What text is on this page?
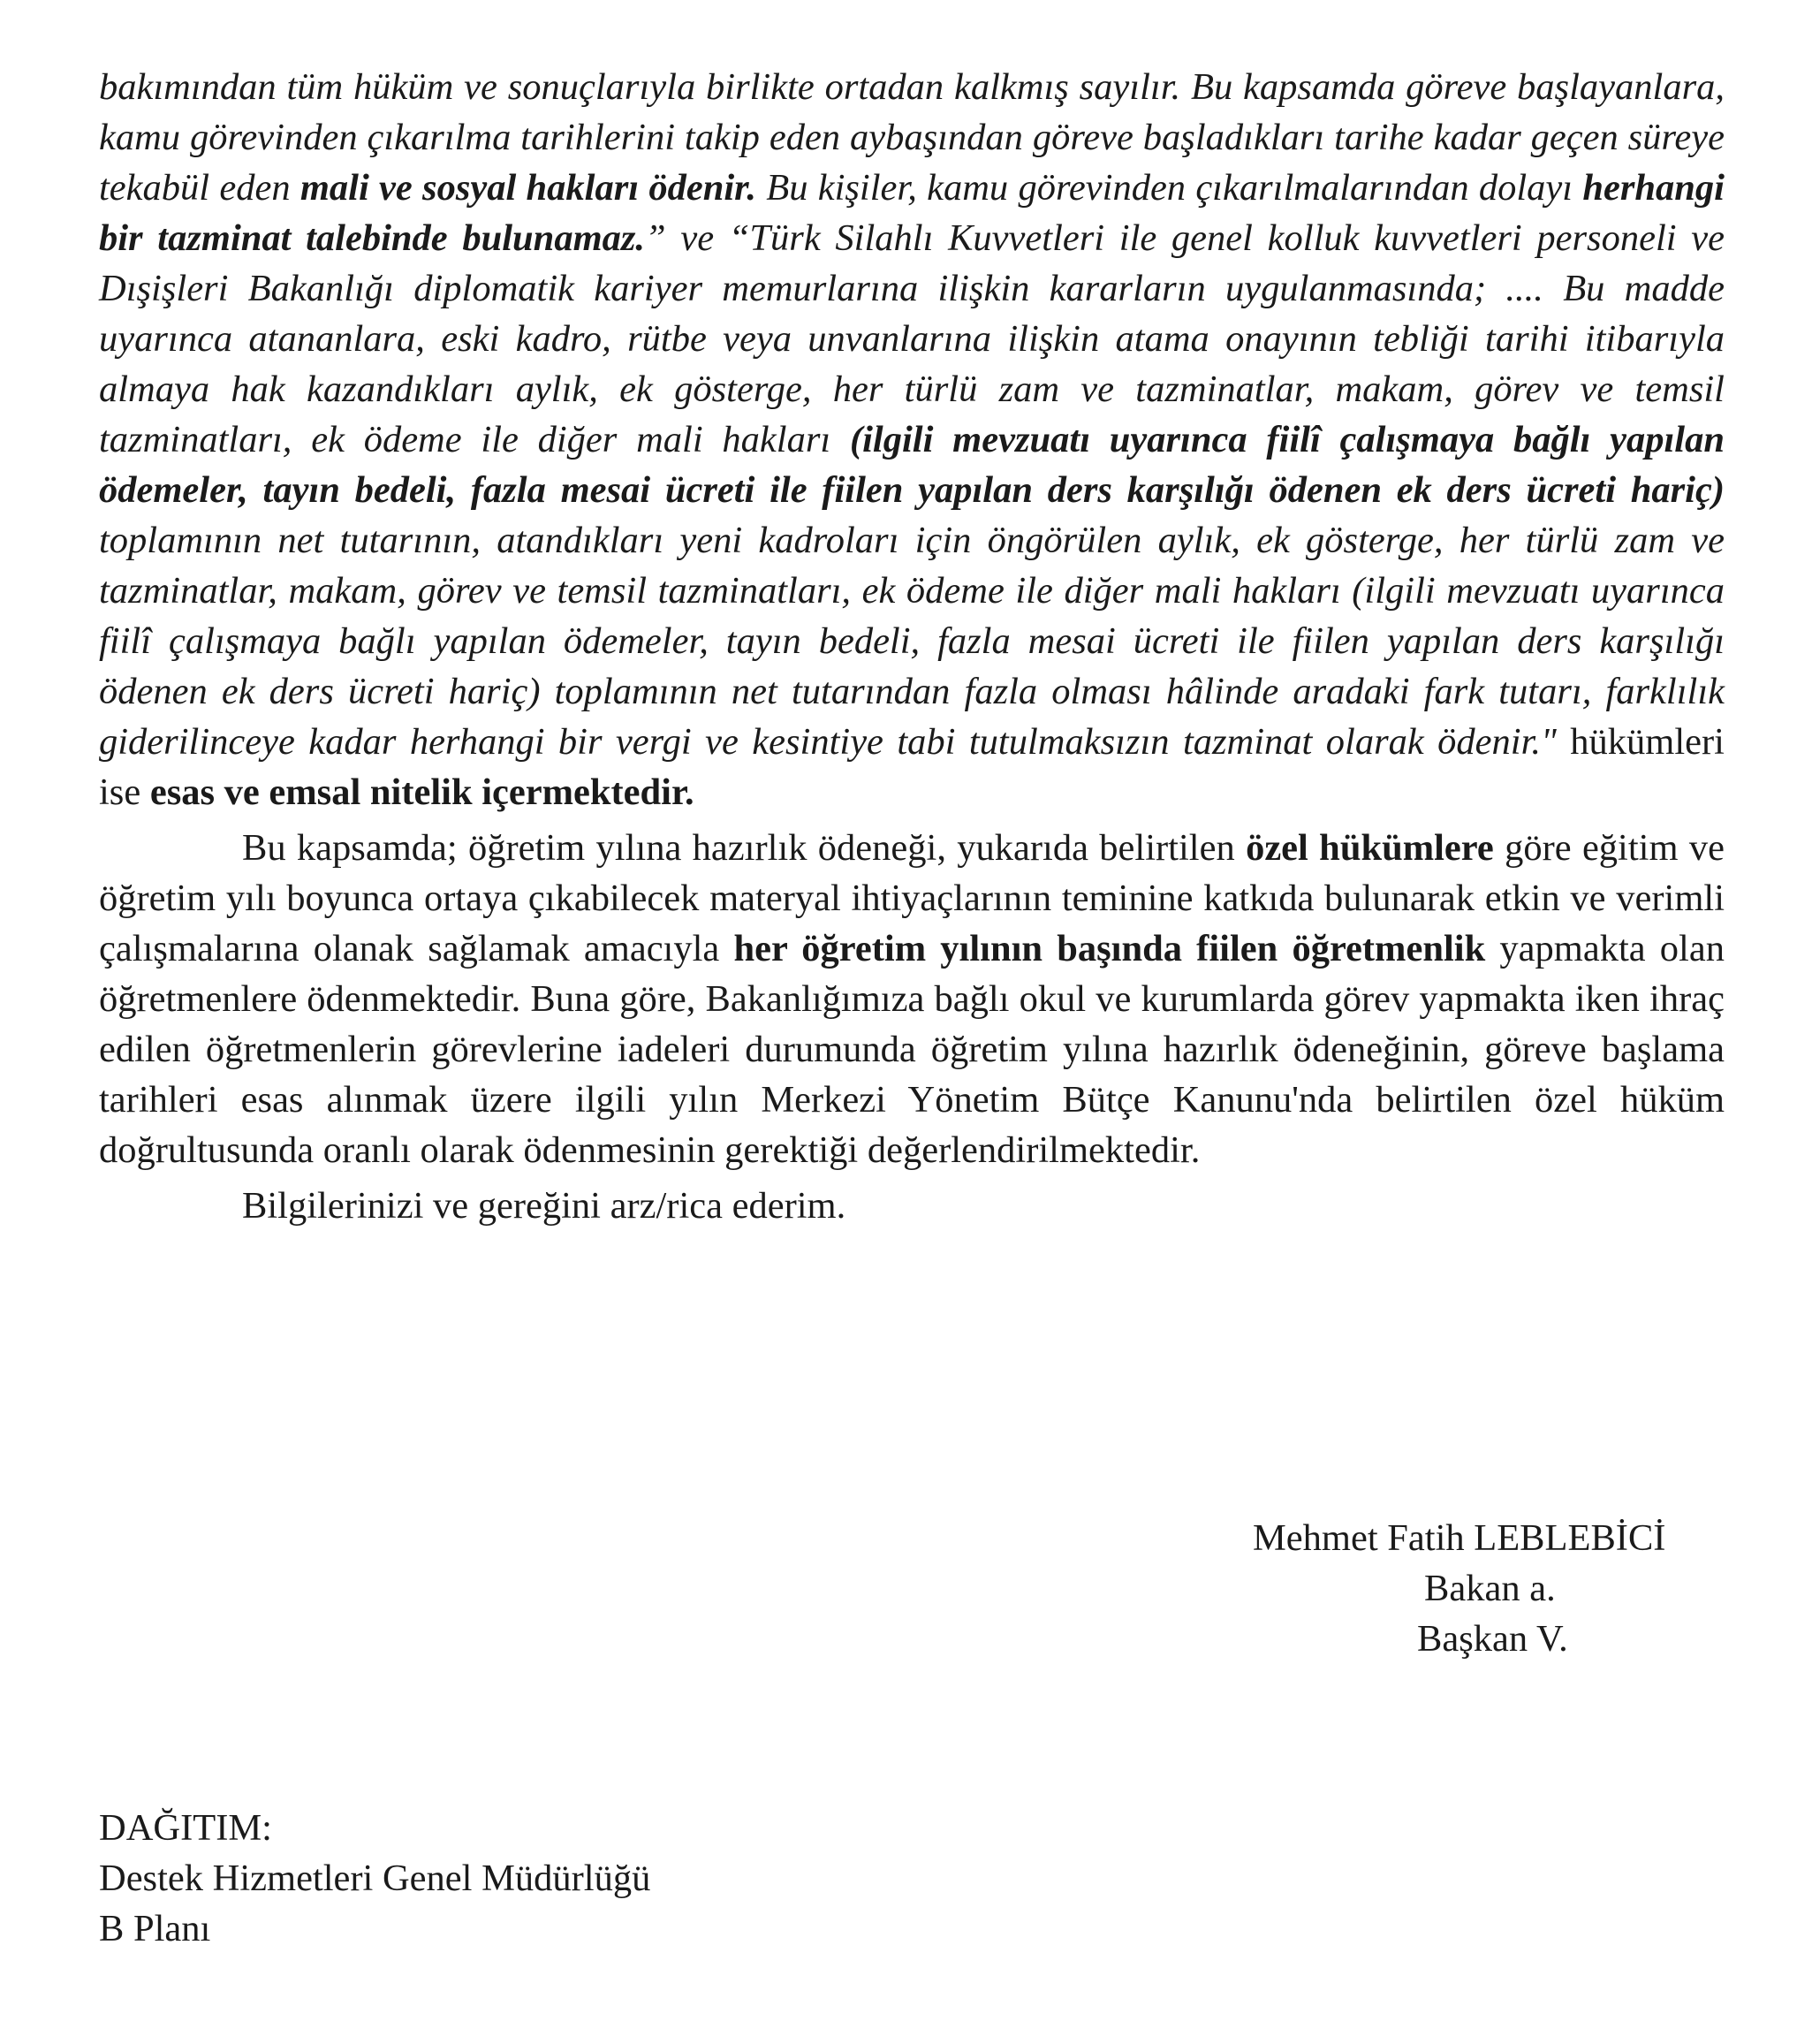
bakımından tüm hüküm ve sonuçlarıyla birlikte ortadan kalkmış sayılır. Bu kapsamda göreve başlayanlara, kamu görevinden çıkarılma tarihlerini takip eden aybaşından göreve başladıkları tarihe kadar geçen süreye tekabül eden mali ve sosyal hakları ödenir. Bu kişiler, kamu görevinden çıkarılmalarından dolayı herhangi bir tazminat talebinde bulunamaz.” ve “Türk Silahlı Kuvvetleri ile genel kolluk kuvvetleri personeli ve Dışişleri Bakanlığı diplomatik kariyer memurlarına ilişkin kararların uygulanmasında; .... Bu madde uyarınca atananlara, eski kadro, rütbe veya unvanlarına ilişkin atama onayının tebliği tarihi itibarıyla almaya hak kazandıkları aylık, ek gösterge, her türlü zam ve tazminatlar, makam, görev ve temsil tazminatları, ek ödeme ile diğer mali hakları (ilgili mevzuatı uyarınca fiilî çalışmaya bağlı yapılan ödemeler, tayın bedeli, fazla mesai ücreti ile fiilen yapılan ders karşılığı ödenen ek ders ücreti hariç) toplamının net tutarının, atandıkları yeni kadroları için öngörülen aylık, ek gösterge, her türlü zam ve tazminatlar, makam, görev ve temsil tazminatları, ek ödeme ile diğer mali hakları (ilgili mevzuatı uyarınca fiilî çalışmaya bağlı yapılan ödemeler, tayın bedeli, fazla mesai ücreti ile fiilen yapılan ders karşılığı ödenen ek ders ücreti hariç) toplamının net tutarından fazla olması hâlinde aradaki fark tutarı, farklılık giderilinceye kadar herhangi bir vergi ve kesintiye tabi tutulmaksızın tazminat olarak ödenir." hükümleri ise esas ve emsal nitelik içermektedir.

Bu kapsamda; öğretim yılına hazırlık ödeneği, yukarıda belirtilen özel hükümlere göre eğitim ve öğretim yılı boyunca ortaya çıkabilecek materyal ihtiyaçlarının teminine katkıda bulunarak etkin ve verimli çalışmalarına olanak sağlamak amacıyla her öğretim yılının başında fiilen öğretmenlik yapmakta olan öğretmenlere ödenmektedir. Buna göre, Bakanlığımıza bağlı okul ve kurumlarda görev yapmakta iken ihraç edilen öğretmenlerin görevlerine iadeleri durumunda öğretim yılına hazırlık ödeneğinin, göreve başlama tarihleri esas alınmak üzere ilgili yılın Merkezi Yönetim Bütçe Kanunu'nda belirtilen özel hüküm doğrultusunda oranlı olarak ödenmesinin gerektiği değerlendirilmektedir.

Bilgilerinizi ve gereğini arz/rica ederim.

Mehmet Fatih LEBLEBİCİ
Bakan a.
Başkan V.
DAĞITIM:
Destek Hizmetleri Genel Müdürlüğü
B Planı
